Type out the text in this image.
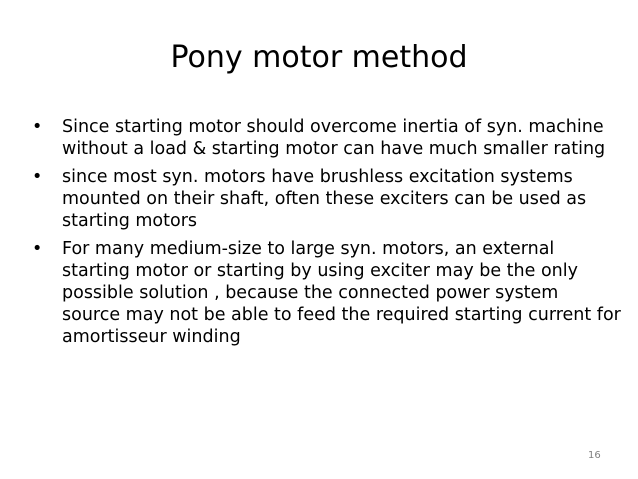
Pony motor method
• Since starting motor should overcome inertia of syn. machine without a load & starting motor can have much smaller rating
• since most syn. motors have brushless excitation systems mounted on their shaft, often these exciters can be used as starting motors
• For many medium-size to large syn. motors, an external starting motor or starting by using exciter may be the only possible solution , because the connected power system source may not be able to feed the required starting current for amortisseur winding
16
